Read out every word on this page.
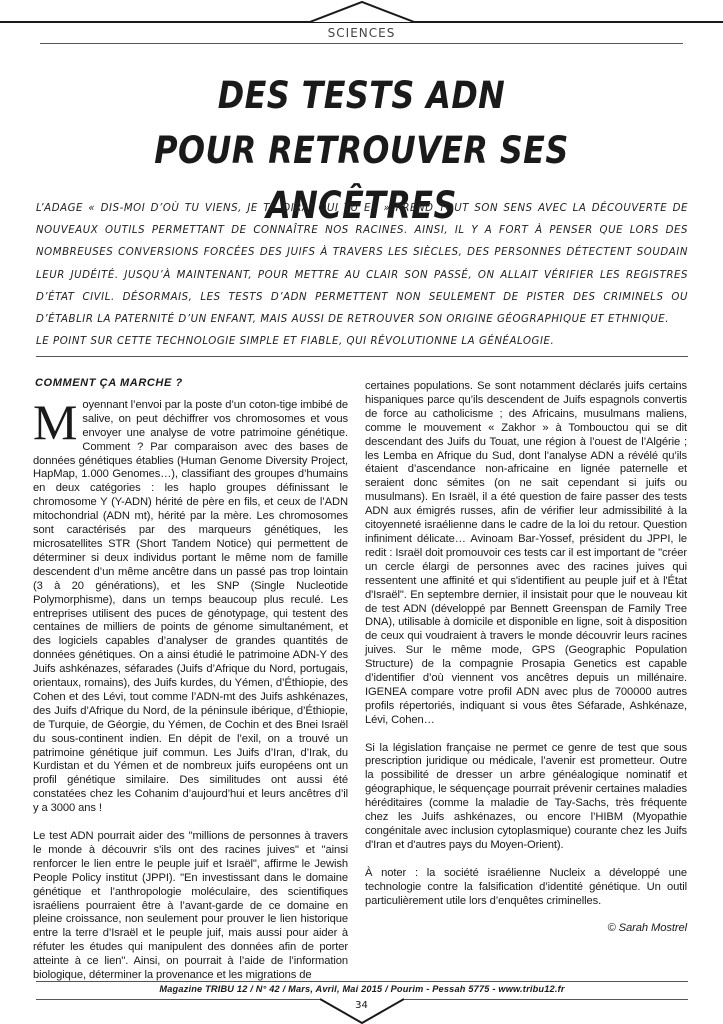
SCIENCES
DES TESTS ADN
POUR RETROUVER SES ANCÊTRES

L’ADAGE « DIS-MOI D’OÙ TU VIENS, JE TE DIRAI QUI TU ES » PREND TOUT SON SENS AVEC LA DÉCOUVERTE DE NOUVEAUX OUTILS PERMETTANT DE CONNAÎTRE NOS RACINES. AINSI, IL Y A FORT À PENSER QUE LORS DES NOMBREUSES CONVERSIONS FORCÉES DES JUIFS À TRAVERS LES SIÈCLES, DES PERSONNES DÉTECTENT SOUDAIN LEUR JUDÉITÉ. JUSQU’À MAINTENANT, POUR METTRE AU CLAIR SON PASSÉ, ON ALLAIT VÉRIFIER LES REGISTRES D’ÉTAT CIVIL. DÉSORMAIS, LES TESTS D’ADN PERMETTENT NON SEULEMENT DE PISTER DES CRIMINELS OU D’ÉTABLIR LA PATERNITÉ D’UN ENFANT, MAIS AUSSI DE RETROUVER SON ORIGINE GÉOGRAPHIQUE ET ETHNIQUE.

LE POINT SUR CETTE TECHNOLOGIE SIMPLE ET FIABLE, QUI RÉVOLUTIONNE LA GÉNÉALOGIE.

COMMENT ÇA MARCHE ?

Moyennant l’envoi par la poste d’un coton-tige imbibé de salive, on peut déchiffrer vos chromosomes et vous envoyer une analyse de votre patrimoine génétique. Comment ? Par comparaison avec des bases de données génétiques établies (Human Genome Diversity Project, HapMap, 1.000 Genomes…), classifiant des groupes d’humains en deux catégories : les haplo groupes définissant le chromosome Y (Y-ADN) hérité de père en fils, et ceux de l’ADN mitochondrial (ADN mt), hérité par la mère. Les chromosomes sont caractérisés par des marqueurs génétiques, les microsatellites STR (Short Tandem Notice) qui permettent de déterminer si deux individus portant le même nom de famille descendent d’un même ancêtre dans un passé pas trop lointain (3 à 20 générations), et les SNP (Single Nucleotide Polymorphisme), dans un temps beaucoup plus reculé. Les entreprises utilisent des puces de génotypage, qui testent des centaines de milliers de points de génome simultanément, et des logiciels capables d’analyser de grandes quantités de données génétiques. On a ainsi étudié le patrimoine ADN-Y des Juifs ashkénazes, séfarades (Juifs d’Afrique du Nord, portugais, orientaux, romains), des Juifs kurdes, du Yémen, d’Éthiopie, des Cohen et des Lévi, tout comme l’ADN-mt des Juifs ashkénazes, des Juifs d’Afrique du Nord, de la péninsule ibérique, d’Éthiopie, de Turquie, de Géorgie, du Yémen, de Cochin et des Bnei Israël du sous-continent indien. En dépit de l’exil, on a trouvé un patrimoine génétique juif commun. Les Juifs d’Iran, d’Irak, du Kurdistan et du Yémen et de nombreux juifs européens ont un profil génétique similaire. Des similitudes ont aussi été constatées chez les Cohanim d’aujourd’hui et leurs ancêtres d’il y a 3000 ans !

Le test ADN pourrait aider des "millions de personnes à travers le monde à découvrir s'ils ont des racines juives" et "ainsi renforcer le lien entre le peuple juif et Israël", affirme le Jewish People Policy institut (JPPI). "En investissant dans le domaine génétique et l’anthropologie moléculaire, des scientifiques israéliens pourraient être à l’avant-garde de ce domaine en pleine croissance, non seulement pour prouver le lien historique entre la terre d’Israël et le peuple juif, mais aussi pour aider à réfuter les études qui manipulent des données afin de porter atteinte à ce lien". Ainsi, on pourrait à l’aide de l’information biologique, déterminer la provenance et les migrations de

certaines populations. Se sont notamment déclarés juifs certains hispaniques parce qu’ils descendent de Juifs espagnols convertis de force au catholicisme ; des Africains, musulmans maliens, comme le mouvement « Zakhor » à Tombouctou qui se dit descendant des Juifs du Touat, une région à l’ouest de l’Algérie ; les Lemba en Afrique du Sud, dont l’analyse ADN a révélé qu’ils étaient d’ascendance non-africaine en lignée paternelle et seraient donc sémites (on ne sait cependant si juifs ou musulmans). En Israël, il a été question de faire passer des tests ADN aux émigrés russes, afin de vérifier leur admissibilité à la citoyenneté israélienne dans le cadre de la loi du retour. Question infiniment délicate… Avinoam Bar-Yossef, président du JPPI, le redit : Israël doit promouvoir ces tests car il est important de "créer un cercle élargi de personnes avec des racines juives qui ressentent une affinité et qui s'identifient au peuple juif et à l'État d'Israël". En septembre dernier, il insistait pour que le nouveau kit de test ADN (développé par Bennett Greenspan de Family Tree DNA), utilisable à domicile et disponible en ligne, soit à disposition de ceux qui voudraient à travers le monde découvrir leurs racines juives. Sur le même mode, GPS (Geographic Population Structure) de la compagnie Prosapia Genetics est capable d’identifier d’où viennent vos ancêtres depuis un millénaire. IGENEA compare votre profil ADN avec plus de 700000 autres profils répertoriés, indiquant si vous êtes Séfarade, Ashkénaze, Lévi, Cohen…

Si la législation française ne permet ce genre de test que sous prescription juridique ou médicale, l’avenir est prometteur. Outre la possibilité de dresser un arbre généalogique nominatif et géographique, le séquençage pourrait prévenir certaines maladies héréditaires (comme la maladie de Tay-Sachs, très fréquente chez les Juifs ashkénazes, ou encore l’HIBM (Myopathie congénitale avec inclusion cytoplasmique) courante chez les Juifs d'Iran et d'autres pays du Moyen-Orient).

À noter : la société israélienne Nucleix a développé une technologie contre la falsification d’identité génétique. Un outil particulièrement utile lors d’enquêtes criminelles.

© Sarah Mostrel

Magazine TRIBU 12 / N° 42 / Mars, Avril, Mai 2015 / Pourim - Pessah 5775 - www.tribu12.fr
34
